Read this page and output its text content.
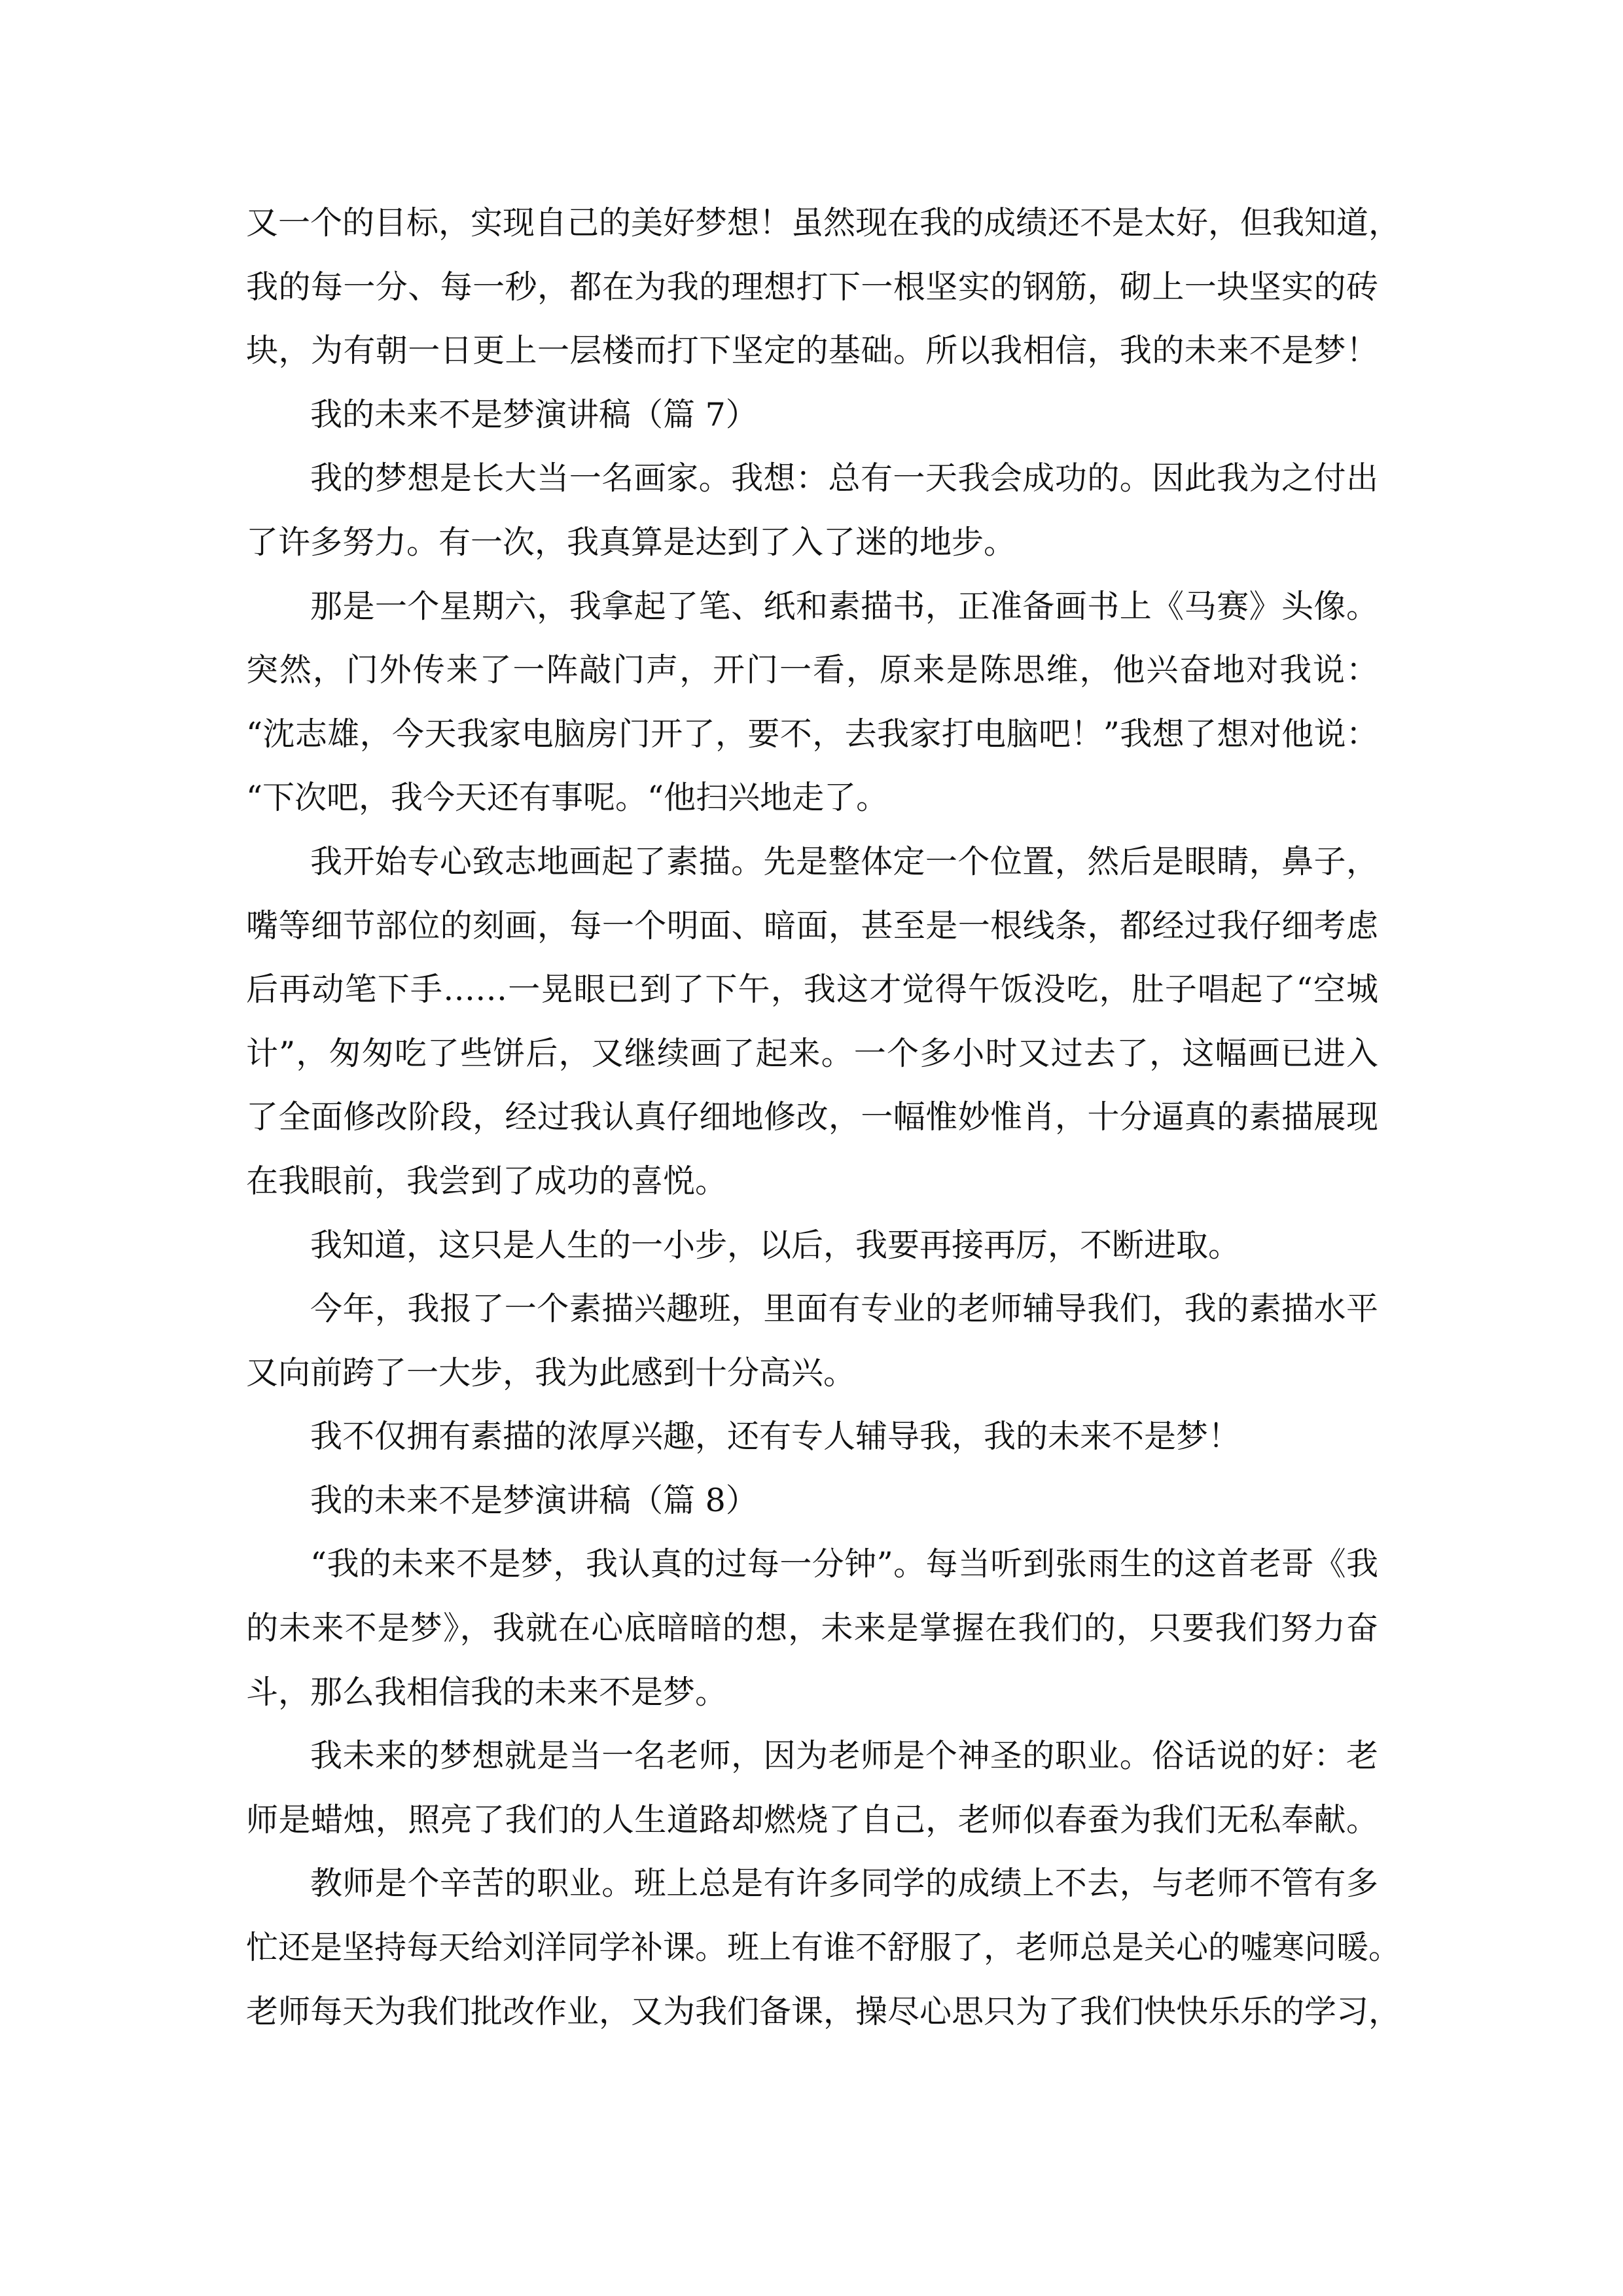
又一个的目标，实现自己的美好梦想！虽然现在我的成绩还不是太好，但我知道，
我的每一分、每一秒，都在为我的理想打下一根坚实的钢筋，砌上一块坚实的砖
块，为有朝一日更上一层楼而打下坚定的基础。所以我相信，我的未来不是梦！
我的未来不是梦演讲稿（篇 7）
我的梦想是长大当一名画家。我想：总有一天我会成功的。因此我为之付出
了许多努力。有一次，我真算是达到了入了迷的地步。
那是一个星期六，我拿起了笔、纸和素描书，正准备画书上《马赛》头像。
突然，门外传来了一阵敲门声，开门一看，原来是陈思维，他兴奋地对我说：
“沈志雄，今天我家电脑房门开了，要不，去我家打电脑吧！”我想了想对他说：
“下次吧，我今天还有事呢。“他扫兴地走了。
我开始专心致志地画起了素描。先是整体定一个位置，然后是眼睛，鼻子，
嘴等细节部位的刻画，每一个明面、暗面，甚至是一根线条，都经过我仔细考虑
后再动笔下手……一晃眼已到了下午，我这才觉得午饭没吃，肚子唱起了“空城
计”，匆匆吃了些饼后，又继续画了起来。一个多小时又过去了，这幅画已进入
了全面修改阶段，经过我认真仔细地修改，一幅惟妙惟肖，十分逼真的素描展现
在我眼前，我尝到了成功的喜悦。
我知道，这只是人生的一小步，以后，我要再接再厉，不断进取。
今年，我报了一个素描兴趣班，里面有专业的老师辅导我们，我的素描水平
又向前跨了一大步，我为此感到十分高兴。
我不仅拥有素描的浓厚兴趣，还有专人辅导我，我的未来不是梦！
我的未来不是梦演讲稿（篇 8）
“我的未来不是梦，我认真的过每一分钟”。每当听到张雨生的这首老哥《我
的未来不是梦》，我就在心底暗暗的想，未来是掌握在我们的，只要我们努力奋
斗，那么我相信我的未来不是梦。
我未来的梦想就是当一名老师，因为老师是个神圣的职业。俗话说的好：老
师是蜡烛，照亮了我们的人生道路却燃烧了自己，老师似春蚕为我们无私奉献。
教师是个辛苦的职业。班上总是有许多同学的成绩上不去，与老师不管有多
忙还是坚持每天给刘洋同学补课。班上有谁不舒服了，老师总是关心的嘘寒问暖。
老师每天为我们批改作业，又为我们备课，操尽心思只为了我们快快乐乐的学习，
